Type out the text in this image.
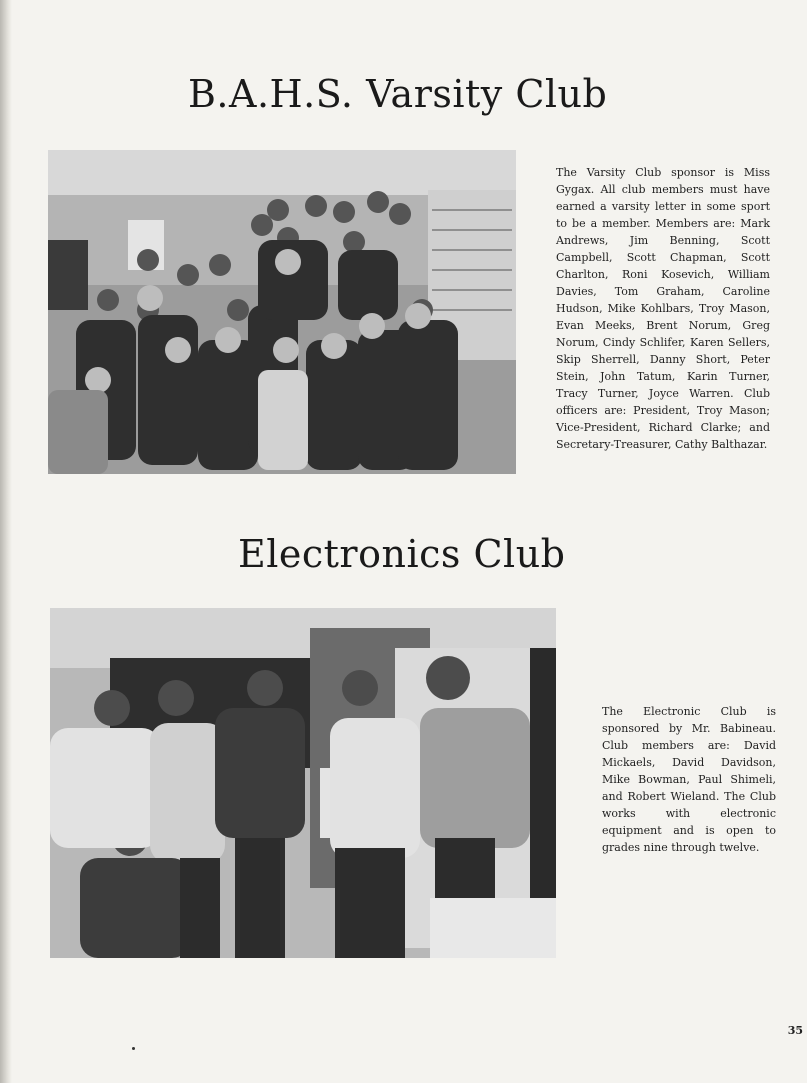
B.A.H.S. Varsity Club

The Varsity Club sponsor is Miss Gygax. All club members must have earned a varsity letter in some sport to be a member. Members are: Mark Andrews, Jim Benning, Scott Campbell, Scott Chapman, Scott Charlton, Roni Kosevich, William Davies, Tom Graham, Caroline Hudson, Mike Kohlbars, Troy Mason, Evan Meeks, Brent Norum, Greg Norum, Cindy Schlifer, Karen Sellers, Skip Sherrell, Danny Short, Peter Stein, John Tatum, Karin Turner, Tracy Turner, Joyce Warren. Club officers are: President, Troy Mason; Vice-President, Richard Clarke; and Secretary-Treasurer, Cathy Balthazar.

Electronics Club

The Electronic Club is sponsored by Mr. Babineau. Club members are: David Mickaels, David Davidson, Mike Bowman, Paul Shimeli, and Robert Wieland. The Club works with electronic equipment and is open to grades nine through twelve.

35
